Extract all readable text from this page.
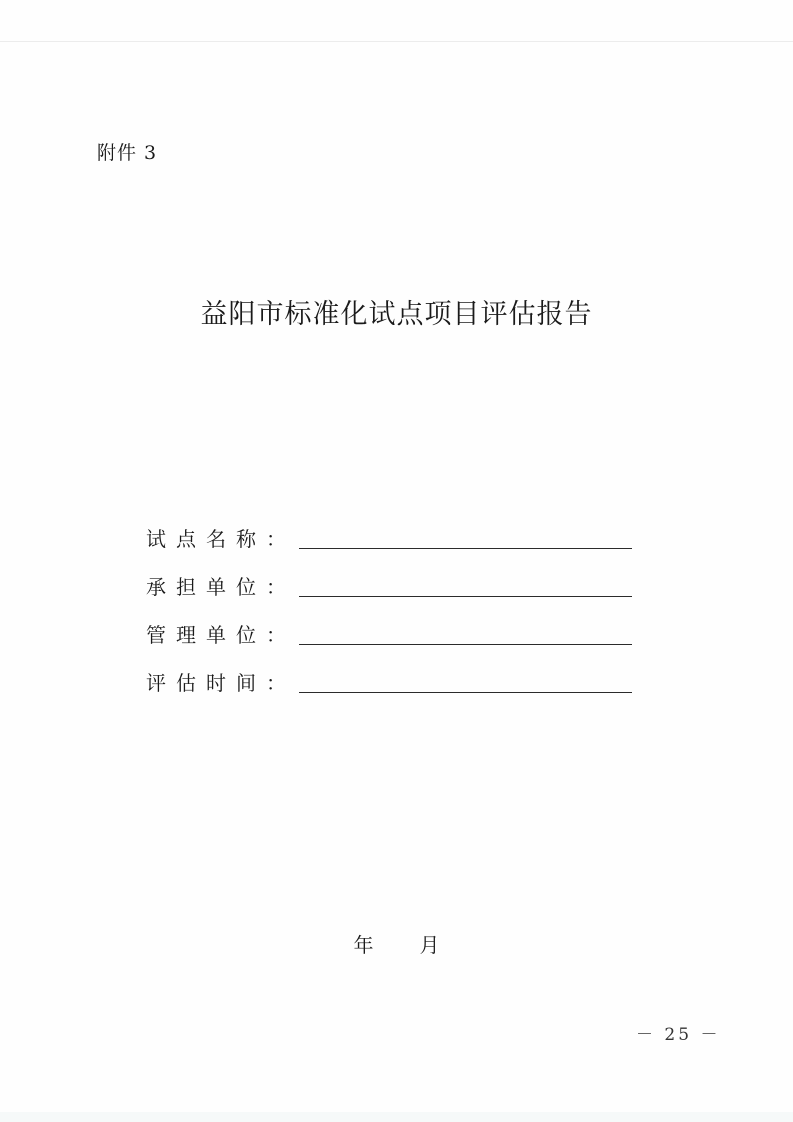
附件 3
益阳市标准化试点项目评估报告
试点名称：
承担单位：
管理单位：
评估时间：
年 月
－ 25 －
